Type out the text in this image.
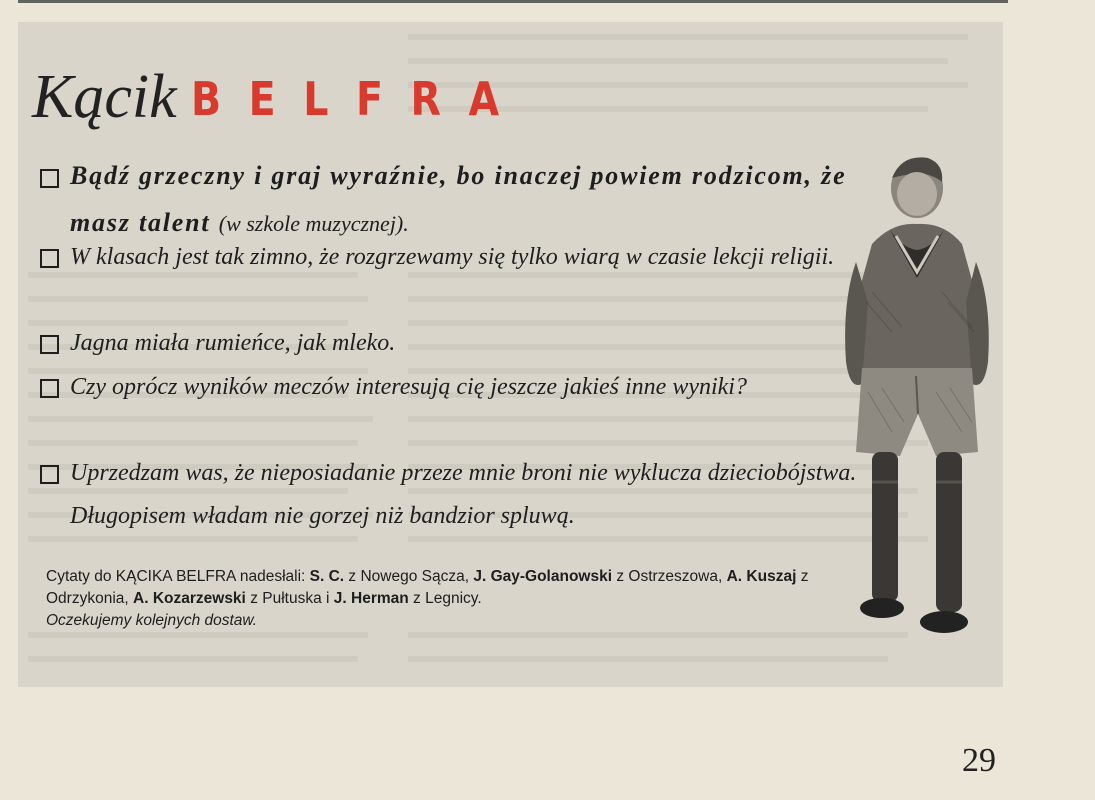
Kącik BELFRA
Bądź grzeczny i graj wyraźnie, bo inaczej powiem rodzicom, że masz talent (w szkole muzycznej).
W klasach jest tak zimno, że rozgrzewamy się tylko wiarą w czasie lekcji religii.
Jagna miała rumieńce, jak mleko.
Czy oprócz wyników meczów interesują cię jeszcze jakieś inne wyniki?
Uprzedzam was, że nieposiadanie przeze mnie broni nie wyklucza dzieciobójstwa. Długopisem władam nie gorzej niż bandzior spluwą.
Cytaty do KĄCIKA BELFRA nadesłali: S. C. z Nowego Sącza, J. Gay-Golanowski z Ostrzeszowa, A. Kuszaj z Odrzykonia, A. Kozarzewski z Pułtuska i J. Herman z Legnicy.
Oczekujemy kolejnych dostaw.
29
